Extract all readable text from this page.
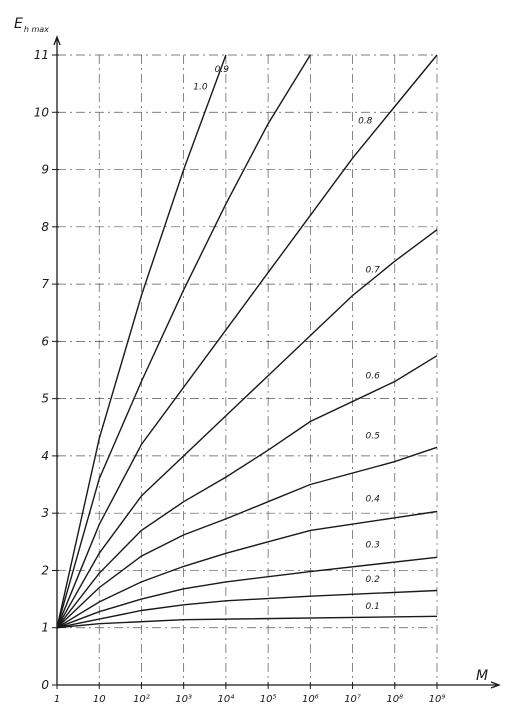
0
1
2
3
4
5
6
7
8
9
10
11
1	10	10²	10³	10⁴	10⁵	10⁶	10⁷	10⁸	10⁹
0.1
0.2
0.3
0.4
0.5
0.6
0.7
0.8
0.9
1.0
$E_{h max}$
M
